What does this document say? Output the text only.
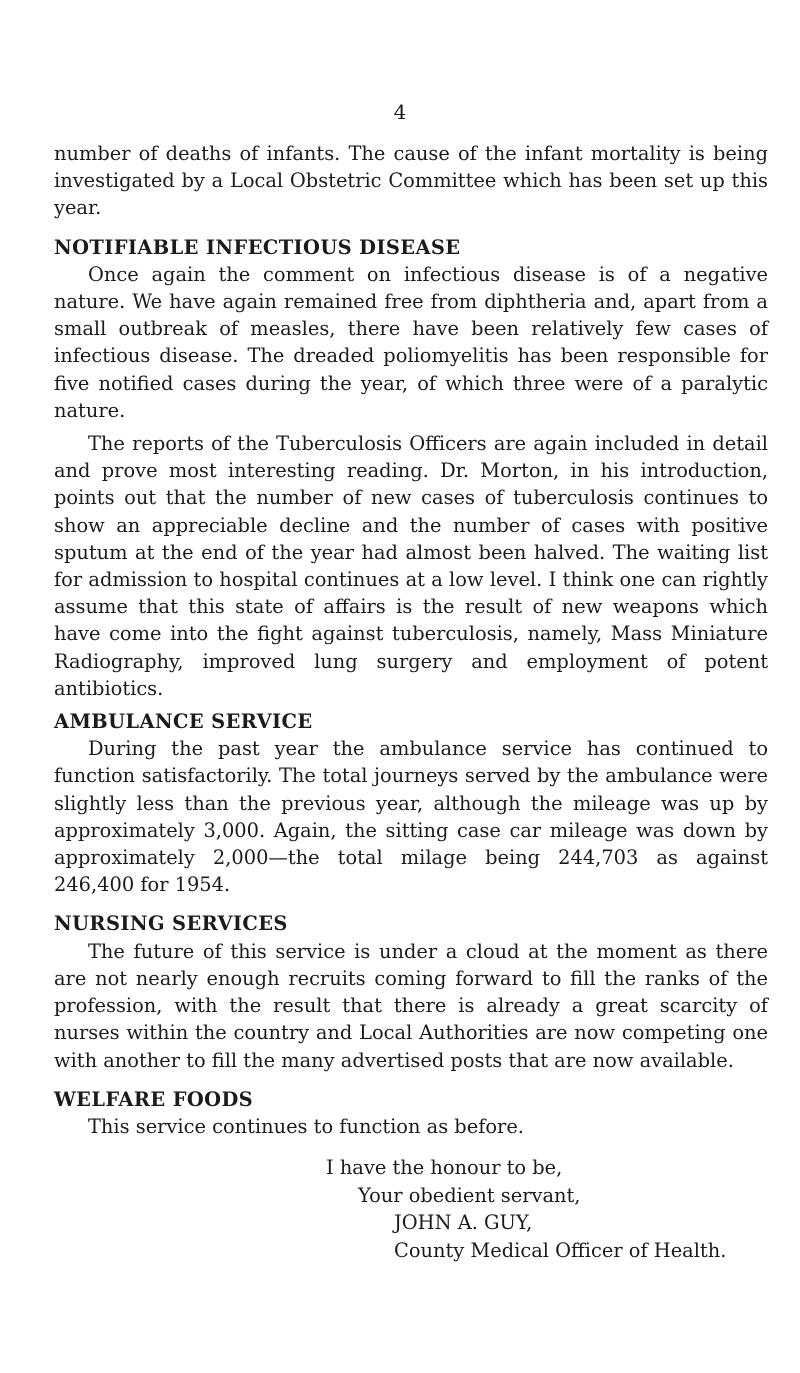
4

number of deaths of infants. The cause of the infant mortality is being investigated by a Local Obstetric Committee which has been set up this year.

NOTIFIABLE INFECTIOUS DISEASE

Once again the comment on infectious disease is of a negative nature. We have again remained free from diphtheria and, apart from a small outbreak of measles, there have been relatively few cases of infectious disease. The dreaded poliomyelitis has been responsible for five notified cases during the year, of which three were of a paralytic nature.

The reports of the Tuberculosis Officers are again included in detail and prove most interesting reading. Dr. Morton, in his introduction, points out that the number of new cases of tuberculosis continues to show an appreciable decline and the number of cases with positive sputum at the end of the year had almost been halved. The waiting list for admission to hospital continues at a low level. I think one can rightly assume that this state of affairs is the result of new weapons which have come into the fight against tuberculosis, namely, Mass Miniature Radiography, improved lung surgery and employment of potent antibiotics.

AMBULANCE SERVICE

During the past year the ambulance service has continued to function satisfactorily. The total journeys served by the ambulance were slightly less than the previous year, although the mileage was up by approximately 3,000. Again, the sitting case car mileage was down by approximately 2,000—the total milage being 244,703 as against 246,400 for 1954.

NURSING SERVICES

The future of this service is under a cloud at the moment as there are not nearly enough recruits coming forward to fill the ranks of the profession, with the result that there is already a great scarcity of nurses within the country and Local Authorities are now competing one with another to fill the many advertised posts that are now available.

WELFARE FOODS

This service continues to function as before.

I have the honour to be,
Your obedient servant,
JOHN A. GUY,
County Medical Officer of Health.
